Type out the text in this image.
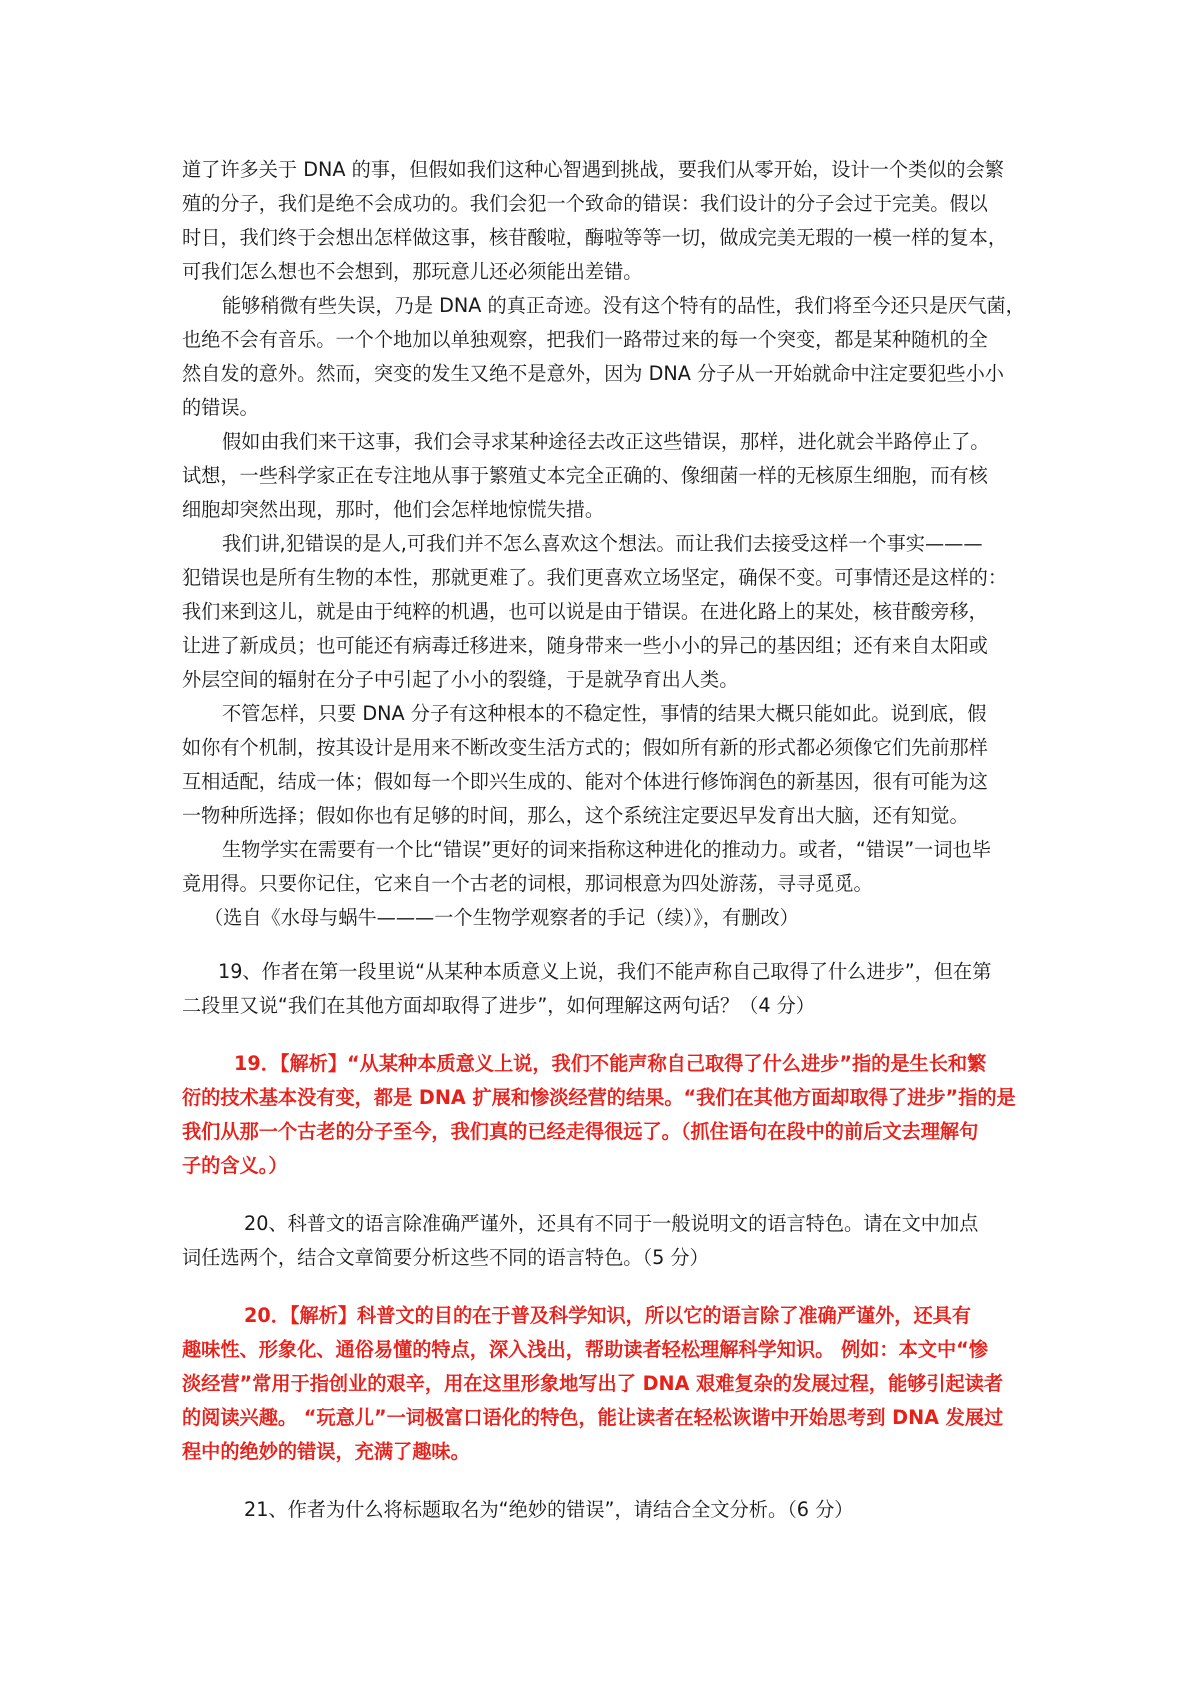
道了许多关于 DNA 的事，但假如我们这种心智遇到挑战，要我们从零开始，设计一个类似的会繁
殖的分子，我们是绝不会成功的。我们会犯一个致命的错误：我们设计的分子会过于完美。假以
时日，我们终于会想出怎样做这事，核苷酸啦，酶啦等等一切，做成完美无瑕的一模一样的复本，
可我们怎么想也不会想到，那玩意儿还必须能出差错。
能够稍微有些失误，乃是 DNA 的真正奇迹。没有这个特有的品性，我们将至今还只是厌气菌，
也绝不会有音乐。一个个地加以单独观察，把我们一路带过来的每一个突变，都是某种随机的全
然自发的意外。然而，突变的发生又绝不是意外，因为 DNA 分子从一开始就命中注定要犯些小小
的错误。
假如由我们来干这事，我们会寻求某种途径去改正这些错误，那样，进化就会半路停止了。
试想，一些科学家正在专注地从事于繁殖丈本完全正确的、像细菌一样的无核原生细胞，而有核
细胞却突然出现，那时，他们会怎样地惊慌失措。
我们讲,犯错误的是人,可我们并不怎么喜欢这个想法。而让我们去接受这样一个事实———
犯错误也是所有生物的本性，那就更难了。我们更喜欢立场坚定，确保不变。可事情还是这样的：
我们来到这儿，就是由于纯粹的机遇，也可以说是由于错误。在进化路上的某处，核苷酸旁移，
让进了新成员；也可能还有病毒迁移进来，随身带来一些小小的异己的基因组；还有来自太阳或
外层空间的辐射在分子中引起了小小的裂缝，于是就孕育出人类。
不管怎样，只要 DNA 分子有这种根本的不稳定性，事情的结果大概只能如此。说到底，假
如你有个机制，按其设计是用来不断改变生活方式的；假如所有新的形式都必须像它们先前那样
互相适配，结成一体；假如每一个即兴生成的、能对个体进行修饰润色的新基因，很有可能为这
一物种所选择；假如你也有足够的时间，那么，这个系统注定要迟早发育出大脑，还有知觉。
生物学实在需要有一个比“错误”更好的词来指称这种进化的推动力。或者，“错误”一词也毕
竟用得。只要你记住，它来自一个古老的词根，那词根意为四处游荡，寻寻觅觅。
（选自《水母与蜗牛———一个生物学观察者的手记（续）》，有删改）
19、作者在第一段里说“从某种本质意义上说，我们不能声称自己取得了什么进步”，但在第
二段里又说“我们在其他方面却取得了进步”，如何理解这两句话？（4 分）
19．【解析】“从某种本质意义上说，我们不能声称自己取得了什么进步”指的是生长和繁
衍的技术基本没有变，都是 DNA 扩展和惨淡经营的结果。“我们在其他方面却取得了进步”指的是
我们从那一个古老的分子至今，我们真的已经走得很远了。（抓住语句在段中的前后文去理解句
子的含义。）
20、科普文的语言除准确严谨外，还具有不同于一般说明文的语言特色。请在文中加点
词任选两个，结合文章简要分析这些不同的语言特色。（5 分）
20．【解析】科普文的目的在于普及科学知识，所以它的语言除了准确严谨外，还具有
趣味性、形象化、通俗易懂的特点，深入浅出，帮助读者轻松理解科学知识。 例如：本文中“惨
淡经营”常用于指创业的艰辛，用在这里形象地写出了 DNA 艰难复杂的发展过程，能够引起读者
的阅读兴趣。 “玩意儿”一词极富口语化的特色，能让读者在轻松诙谐中开始思考到 DNA 发展过
程中的绝妙的错误，充满了趣味。
21、作者为什么将标题取名为“绝妙的错误”，请结合全文分析。（6 分）
